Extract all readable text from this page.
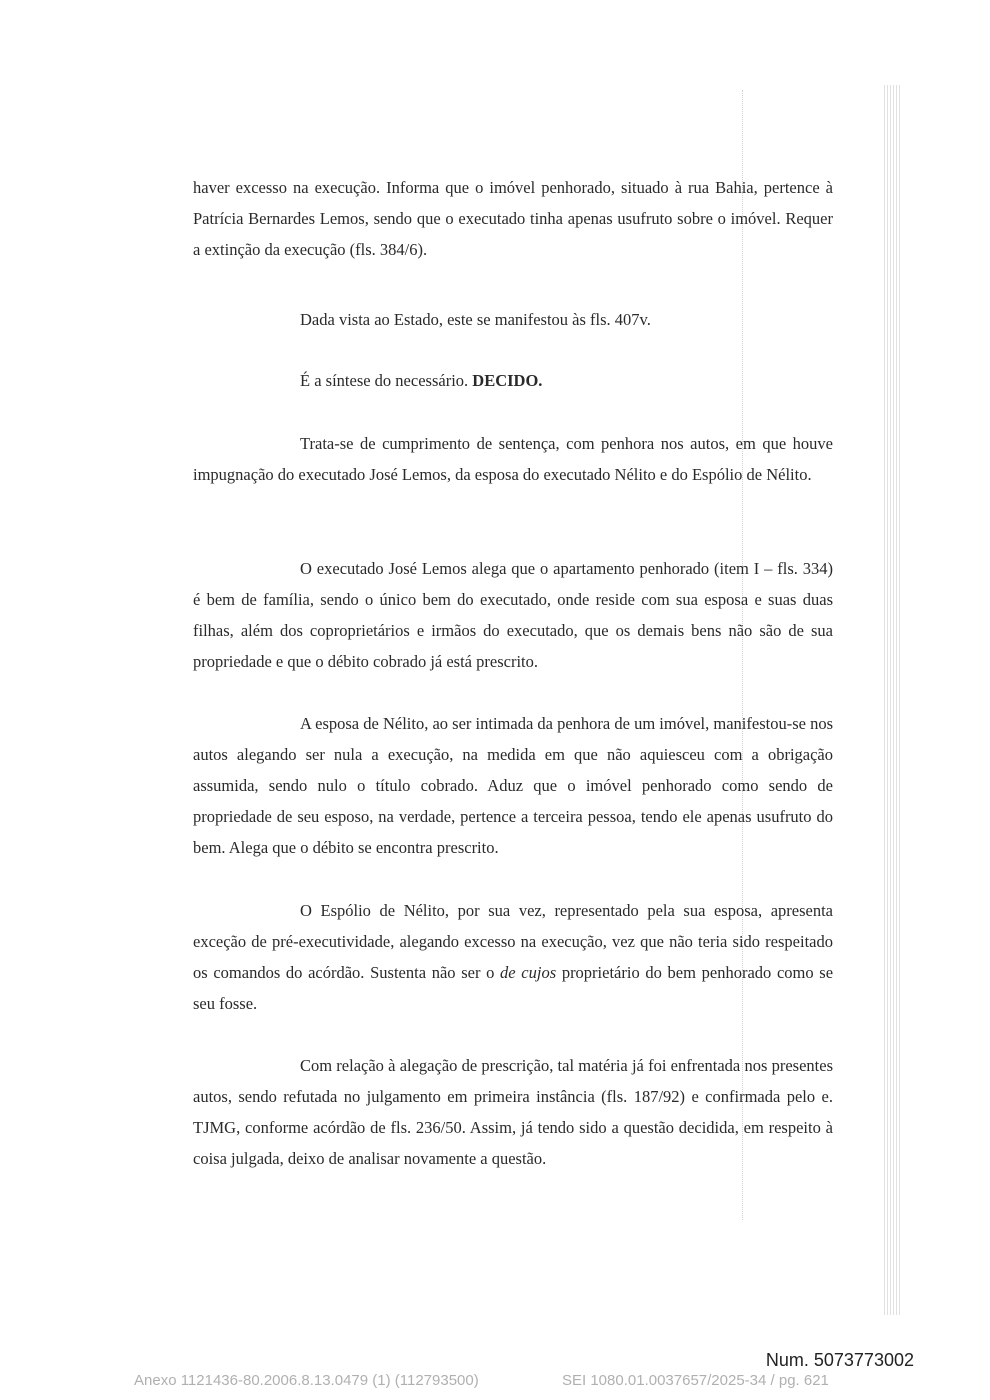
haver excesso na execução. Informa que o imóvel penhorado, situado à rua Bahia, pertence à Patrícia Bernardes Lemos, sendo que o executado tinha apenas usufruto sobre o imóvel. Requer a extinção da execução (fls. 384/6).

Dada vista ao Estado, este se manifestou às fls. 407v.

É a síntese do necessário. DECIDO.

Trata-se de cumprimento de sentença, com penhora nos autos, em que houve impugnação do executado José Lemos, da esposa do executado Nélito e do Espólio de Nélito.

O executado José Lemos alega que o apartamento penhorado (item I – fls. 334) é bem de família, sendo o único bem do executado, onde reside com sua esposa e suas duas filhas, além dos coproprietários e irmãos do executado, que os demais bens não são de sua propriedade e que o débito cobrado já está prescrito.

A esposa de Nélito, ao ser intimada da penhora de um imóvel, manifestou-se nos autos alegando ser nula a execução, na medida em que não aquiesceu com a obrigação assumida, sendo nulo o título cobrado. Aduz que o imóvel penhorado como sendo de propriedade de seu esposo, na verdade, pertence a terceira pessoa, tendo ele apenas usufruto do bem. Alega que o débito se encontra prescrito.

O Espólio de Nélito, por sua vez, representado pela sua esposa, apresenta exceção de pré-executividade, alegando excesso na execução, vez que não teria sido respeitado os comandos do acórdão. Sustenta não ser o de cujos proprietário do bem penhorado como se seu fosse.

Com relação à alegação de prescrição, tal matéria já foi enfrentada nos presentes autos, sendo refutada no julgamento em primeira instância (fls. 187/92) e confirmada pelo e. TJMG, conforme acórdão de fls. 236/50. Assim, já tendo sido a questão decidida, em respeito à coisa julgada, deixo de analisar novamente a questão.

Num. 5073773002
Anexo 1121436-80.2006.8.13.0479 (1) (112793500)	SEI 1080.01.0037657/2025-34 / pg. 621
